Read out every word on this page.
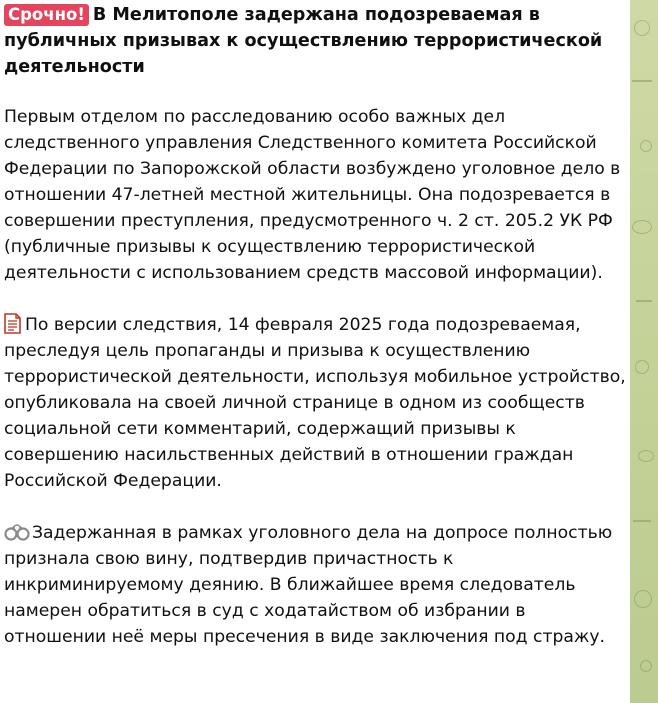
Срочно! В Мелитополе задержана подозреваемая в публичных призывах к осуществлению террористической деятельности

Первым отделом по расследованию особо важных дел следственного управления Следственного комитета Российской Федерации по Запорожской области возбуждено уголовное дело в отношении 47-летней местной жительницы. Она подозревается в совершении преступления, предусмотренного ч. 2 ст. 205.2 УК РФ (публичные призывы к осуществлению террористической деятельности с использованием средств массовой информации).

По версии следствия, 14 февраля 2025 года подозреваемая, преследуя цель пропаганды и призыва к осуществлению террористической деятельности, используя мобильное устройство, опубликовала на своей личной странице в одном из сообществ социальной сети комментарий, содержащий призывы к совершению насильственных действий в отношении граждан Российской Федерации.

Задержанная в рамках уголовного дела на допросе полностью признала свою вину, подтвердив причастность к инкриминируемому деянию. В ближайшее время следователь намерен обратиться в суд с ходатайством об избрании в отношении неё меры пресечения в виде заключения под стражу.
